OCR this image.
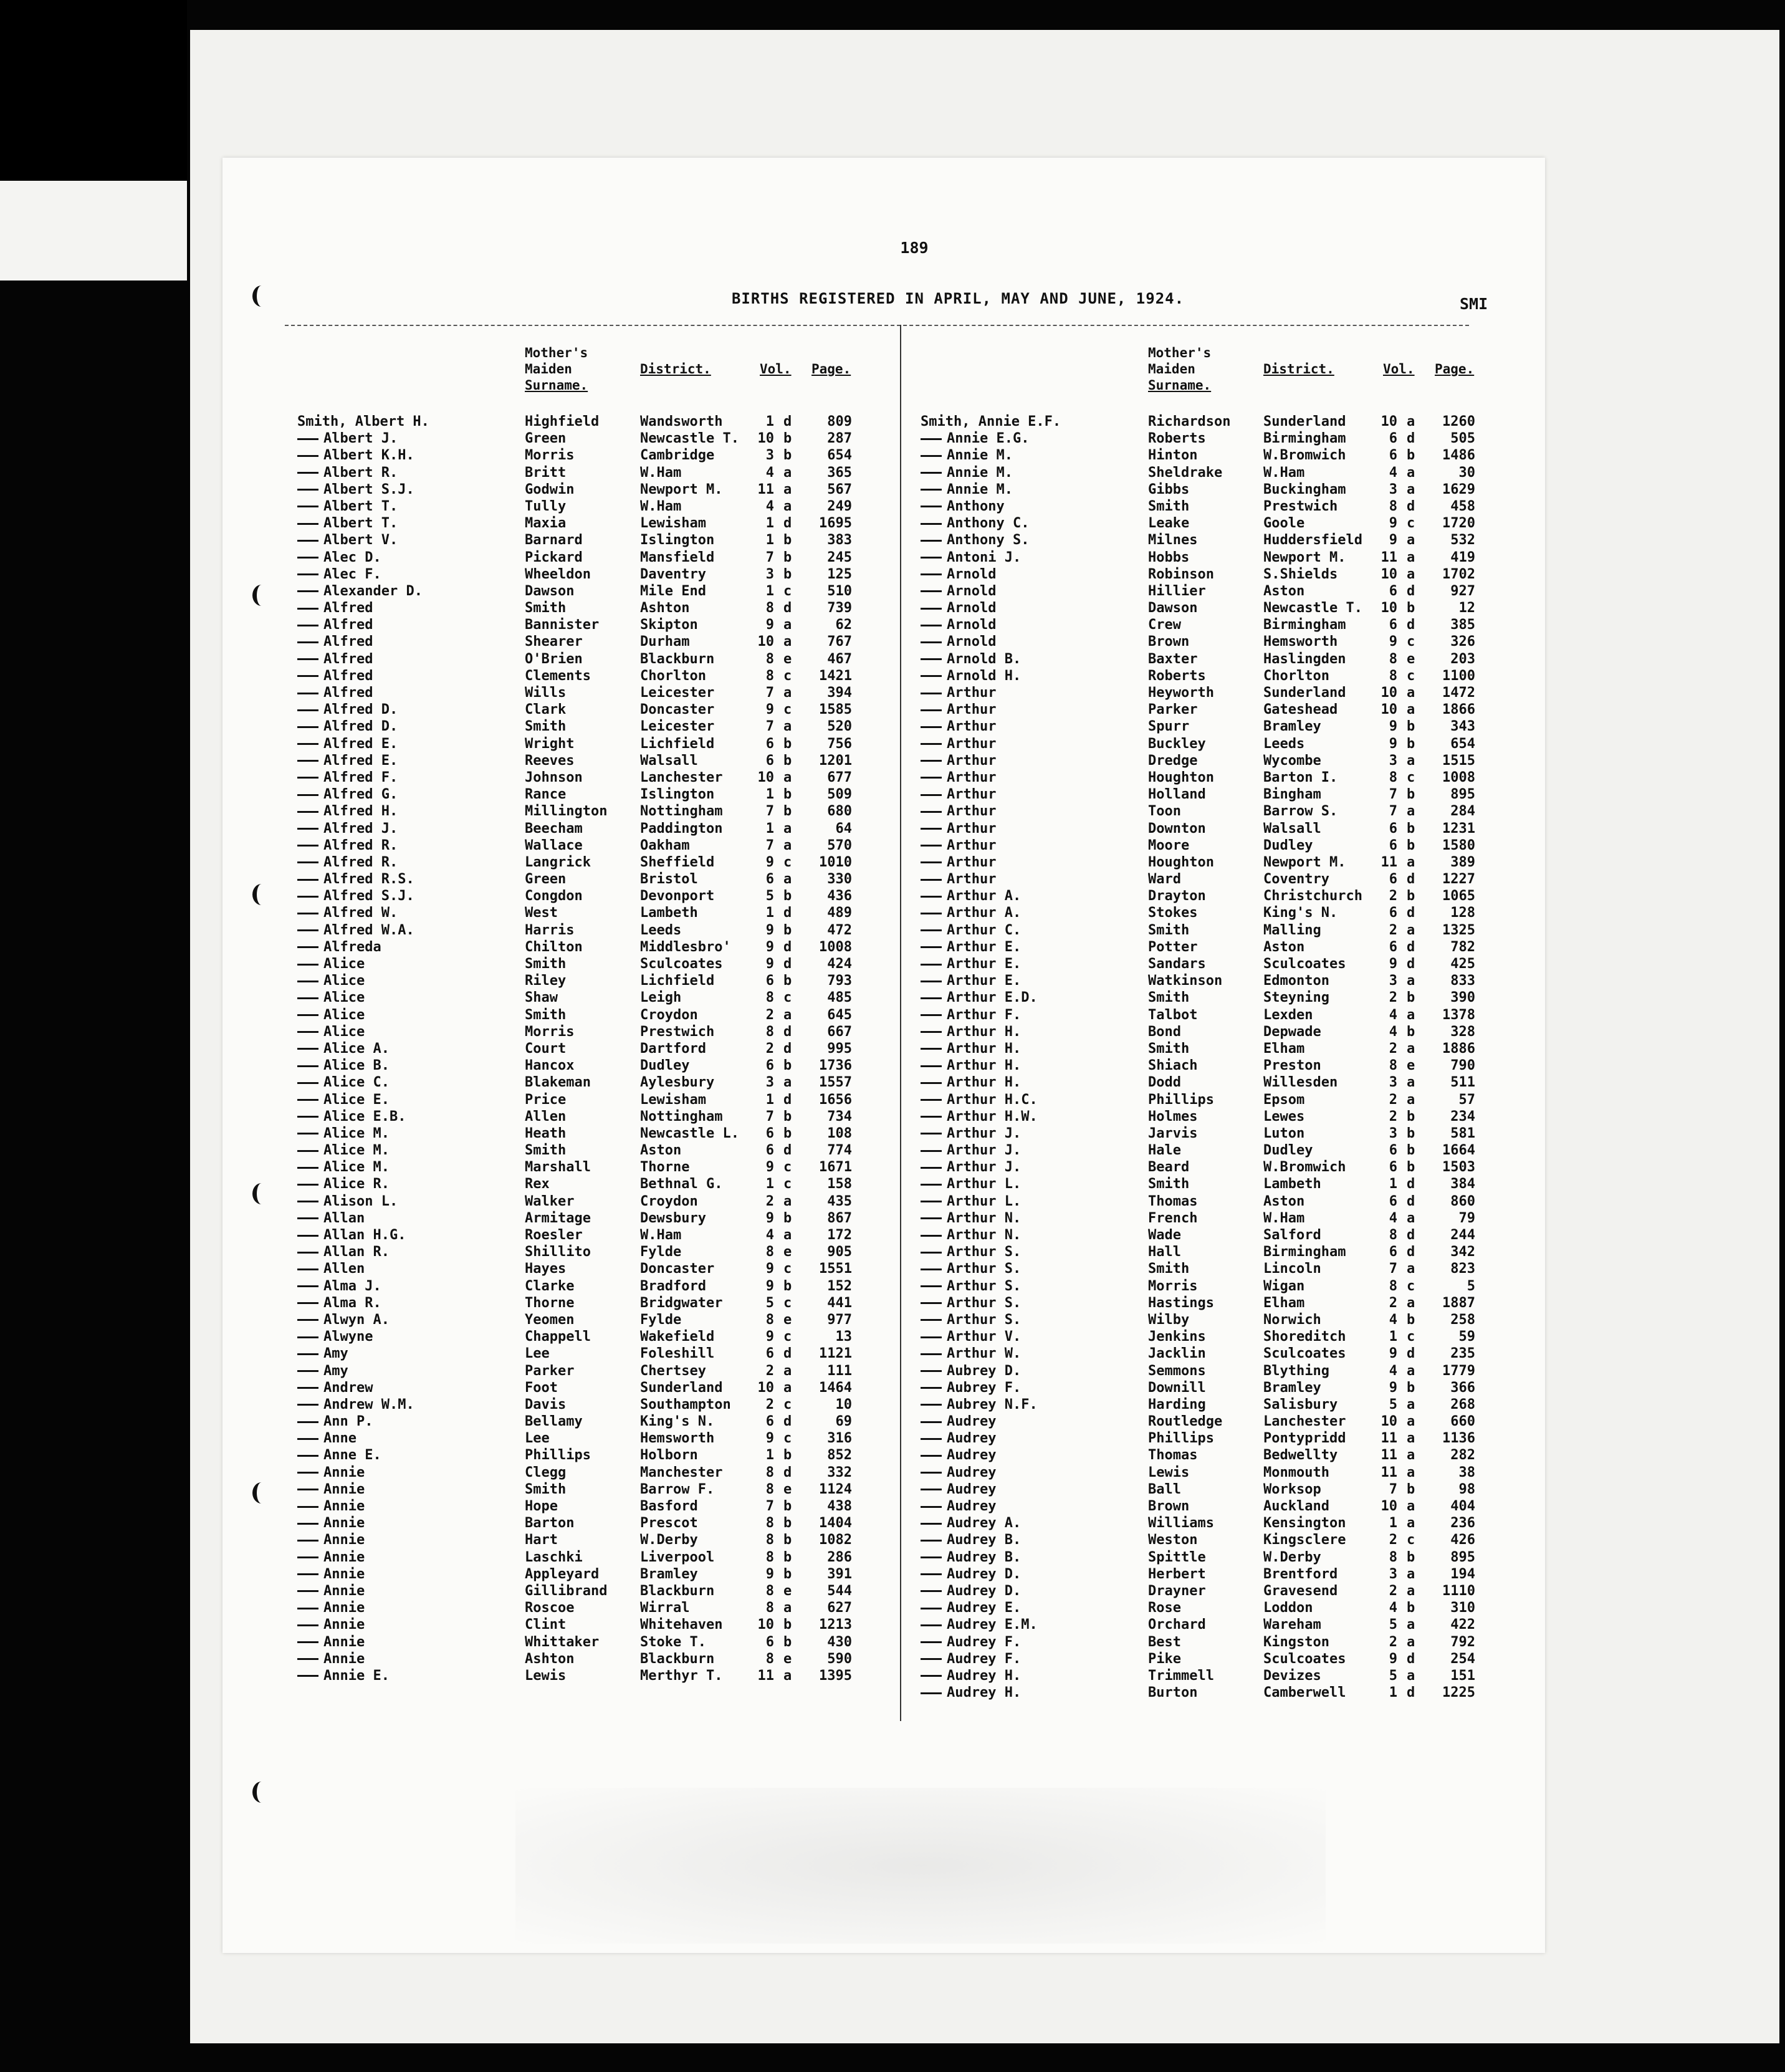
189
BIRTHS REGISTERED IN APRIL, MAY AND JUNE, 1924.	SMI
Mother's
Maiden
Surname.
District.	Vol. Page.
Smith, Albert H.	Highfield	Wandsworth	1 d	809
Albert J.	Green	Newcastle T.	10 b	287
Albert K.H.	Morris	Cambridge	3 b	654
Albert R.	Britt	W.Ham	4 a	365
Albert S.J.	Godwin	Newport M.	11 a	567
Albert T.	Tully	W.Ham	4 a	249
Albert T.	Maxia	Lewisham	1 d	1695
Albert V.	Barnard	Islington	1 b	383
Alec D.	Pickard	Mansfield	7 b	245
Alec F.	Wheeldon	Daventry	3 b	125
Alexander D.	Dawson	Mile End	1 c	510
Alfred	Smith	Ashton	8 d	739
Alfred	Bannister	Skipton	9 a	62
Alfred	Shearer	Durham	10 a	767
Alfred	O'Brien	Blackburn	8 e	467
Alfred	Clements	Chorlton	8 c	1421
Alfred	Wills	Leicester	7 a	394
Alfred D.	Clark	Doncaster	9 c	1585
Alfred D.	Smith	Leicester	7 a	520
Alfred E.	Wright	Lichfield	6 b	756
Alfred E.	Reeves	Walsall	6 b	1201
Alfred F.	Johnson	Lanchester	10 a	677
Alfred G.	Rance	Islington	1 b	509
Alfred H.	Millington Nottingham	7 b	680
Alfred J.	Beecham	Paddington	1 a	64
Alfred R.	Wallace	Oakham	7 a	570
Alfred R.	Langrick	Sheffield	9 c	1010
Alfred R.S.	Green	Bristol	6 a	330
Alfred S.J.	Congdon	Devonport	5 b	436
Alfred W.	West	Lambeth	1 d	489
Alfred W.A.	Harris	Leeds	9 b	472
Alfreda	Chilton	Middlesbro'	9 d	1008
Alice	Smith	Sculcoates	9 d	424
Alice	Riley	Lichfield	6 b	793
Alice	Shaw	Leigh	8 c	485
Alice	Smith	Croydon	2 a	645
Alice	Morris	Prestwich	8 d	667
Alice A.	Court	Dartford	2 d	995
Alice B.	Hancox	Dudley	6 b	1736
Alice C.	Blakeman	Aylesbury	3 a	1557
Alice E.	Price	Lewisham	1 d	1656
Alice E.B.	Allen	Nottingham	7 b	734
Alice M.	Heath	Newcastle L.	6 b	108
Alice M.	Smith	Aston	6 d	774
Alice M.	Marshall	Thorne	9 c	1671
Alice R.	Rex	Bethnal G.	1 c	158
Alison L.	Walker	Croydon	2 a	435
Allan	Armitage	Dewsbury	9 b	867
Allan H.G.	Roesler	W.Ham	4 a	172
Allan R.	Shillito	Fylde	8 e	905
Allen	Hayes	Doncaster	9 c	1551
Alma J.	Clarke	Bradford	9 b	152
Alma R.	Thorne	Bridgwater	5 c	441
Alwyn A.	Yeomen	Fylde	8 e	977
Alwyne	Chappell	Wakefield	9 c	13
Amy	Lee	Foleshill	6 d	1121
Amy	Parker	Chertsey	2 a	111
Andrew	Foot	Sunderland	10 a	1464
Andrew W.M.	Davis	Southampton	2 c	10
Ann P.	Bellamy	King's N.	6 d	69
Anne	Lee	Hemsworth	9 c	316
Anne E.	Phillips	Holborn	1 b	852
Annie	Clegg	Manchester	8 d	332
Annie	Smith	Barrow F.	8 e	1124
Annie	Hope	Basford	7 b	438
Annie	Barton	Prescot	8 b	1404
Annie	Hart	W.Derby	8 b	1082
Annie	Laschki	Liverpool	8 b	286
Annie	Appleyard	Bramley	9 b	391
Annie	Gillibrand Blackburn	8 e	544
Annie	Roscoe	Wirral	8 a	627
Annie	Clint	Whitehaven	10 b	1213
Annie	Whittaker	Stoke T.	6 b	430
Annie	Ashton	Blackburn	8 e	590
Annie E.	Lewis	Merthyr T.	11 a	1395
Mother's
Maiden
Surname.
District.	Vol. Page.
Smith, Annie E.F.	Richardson Sunderland	10 a	1260
Annie E.G.	Roberts	Birmingham	6 d	505
Annie M.	Hinton	W.Bromwich	6 b	1486
Annie M.	Sheldrake	W.Ham	4 a	30
Annie M.	Gibbs	Buckingham	3 a	1629
Anthony	Smith	Prestwich	8 d	458
Anthony C.	Leake	Goole	9 c	1720
Anthony S.	Milnes	Huddersfield	9 a	532
Antoni J.	Hobbs	Newport M.	11 a	419
Arnold	Robinson	S.Shields	10 a	1702
Arnold	Hillier	Aston	6 d	927
Arnold	Dawson	Newcastle T.	10 b	12
Arnold	Crew	Birmingham	6 d	385
Arnold	Brown	Hemsworth	9 c	326
Arnold B.	Baxter	Haslingden	8 e	203
Arnold H.	Roberts	Chorlton	8 c	1100
Arthur	Heyworth	Sunderland	10 a	1472
Arthur	Parker	Gateshead	10 a	1866
Arthur	Spurr	Bramley	9 b	343
Arthur	Buckley	Leeds	9 b	654
Arthur	Dredge	Wycombe	3 a	1515
Arthur	Houghton	Barton I.	8 c	1008
Arthur	Holland	Bingham	7 b	895
Arthur	Toon	Barrow S.	7 a	284
Arthur	Downton	Walsall	6 b	1231
Arthur	Moore	Dudley	6 b	1580
Arthur	Houghton	Newport M.	11 a	389
Arthur	Ward	Coventry	6 d	1227
Arthur A.	Drayton	Christchurch	2 b	1065
Arthur A.	Stokes	King's N.	6 d	128
Arthur C.	Smith	Malling	2 a	1325
Arthur E.	Potter	Aston	6 d	782
Arthur E.	Sandars	Sculcoates	9 d	425
Arthur E.	Watkinson	Edmonton	3 a	833
Arthur E.D.	Smith	Steyning	2 b	390
Arthur F.	Talbot	Lexden	4 a	1378
Arthur H.	Bond	Depwade	4 b	328
Arthur H.	Smith	Elham	2 a	1886
Arthur H.	Shiach	Preston	8 e	790
Arthur H.	Dodd	Willesden	3 a	511
Arthur H.C.	Phillips	Epsom	2 a	57
Arthur H.W.	Holmes	Lewes	2 b	234
Arthur J.	Jarvis	Luton	3 b	581
Arthur J.	Hale	Dudley	6 b	1664
Arthur J.	Beard	W.Bromwich	6 b	1503
Arthur L.	Smith	Lambeth	1 d	384
Arthur L.	Thomas	Aston	6 d	860
Arthur N.	French	W.Ham	4 a	79
Arthur N.	Wade	Salford	8 d	244
Arthur S.	Hall	Birmingham	6 d	342
Arthur S.	Smith	Lincoln	7 a	823
Arthur S.	Morris	Wigan	8 c	5
Arthur S.	Hastings	Elham	2 a	1887
Arthur S.	Wilby	Norwich	4 b	258
Arthur V.	Jenkins	Shoreditch	1 c	59
Arthur W.	Jacklin	Sculcoates	9 d	235
Aubrey D.	Semmons	Blything	4 a	1779
Aubrey F.	Downill	Bramley	9 b	366
Aubrey N.F.	Harding	Salisbury	5 a	268
Audrey	Routledge	Lanchester	10 a	660
Audrey	Phillips	Pontypridd	11 a	1136
Audrey	Thomas	Bedwellty	11 a	282
Audrey	Lewis	Monmouth	11 a	38
Audrey	Ball	Worksop	7 b	98
Audrey	Brown	Auckland	10 a	404
Audrey A.	Williams	Kensington	1 a	236
Audrey B.	Weston	Kingsclere	2 c	426
Audrey B.	Spittle	W.Derby	8 b	895
Audrey D.	Herbert	Brentford	3 a	194
Audrey D.	Drayner	Gravesend	2 a	1110
Audrey E.	Rose	Loddon	4 b	310
Audrey E.M.	Orchard	Wareham	5 a	422
Audrey F.	Best	Kingston	2 a	792
Audrey F.	Pike	Sculcoates	9 d	254
Audrey H.	Trimmell	Devizes	5 a	151
Audrey H.	Burton	Camberwell	1 d	1225
